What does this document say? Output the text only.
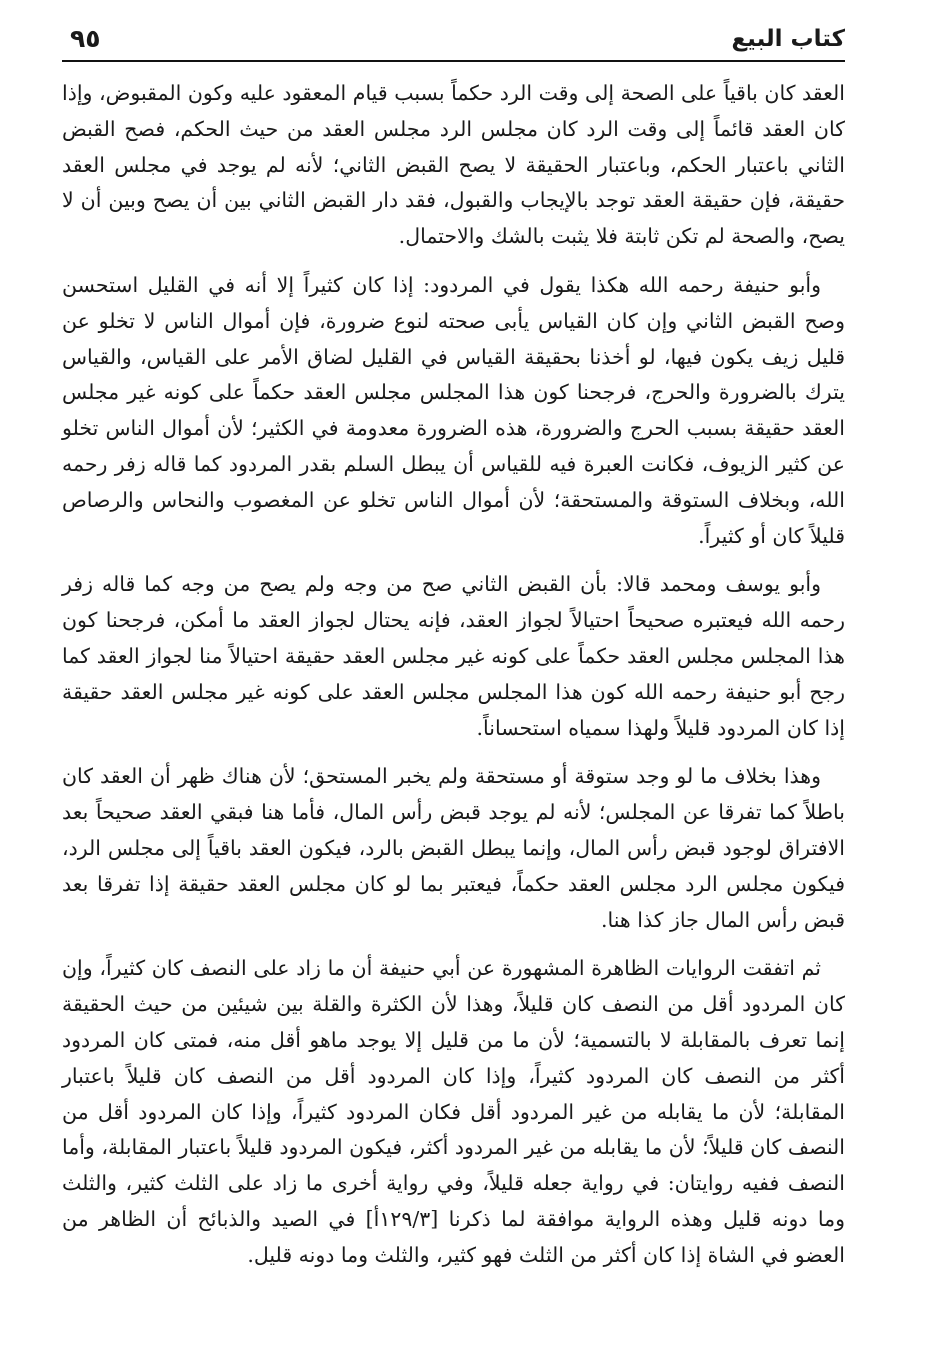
كتاب البيع
٩٥

العقد كان باقياً على الصحة إلى وقت الرد حكماً بسبب قيام المعقود عليه وكون المقبوض، وإذا كان العقد قائماً إلى وقت الرد كان مجلس الرد مجلس العقد من حيث الحكم، فصح القبض الثاني باعتبار الحكم، وباعتبار الحقيقة لا يصح القبض الثاني؛ لأنه لم يوجد في مجلس العقد حقيقة، فإن حقيقة العقد توجد بالإيجاب والقبول، فقد دار القبض الثاني بين أن يصح وبين أن لا يصح، والصحة لم تكن ثابتة فلا يثبت بالشك والاحتمال.

وأبو حنيفة رحمه الله هكذا يقول في المردود: إذا كان كثيراً إلا أنه في القليل استحسن وصح القبض الثاني وإن كان القياس يأبى صحته لنوع ضرورة، فإن أموال الناس لا تخلو عن قليل زيف يكون فيها، لو أخذنا بحقيقة القياس في القليل لضاق الأمر على القياس، والقياس يترك بالضرورة والحرج، فرجحنا كون هذا المجلس مجلس العقد حكماً على كونه غير مجلس العقد حقيقة بسبب الحرج والضرورة، هذه الضرورة معدومة في الكثير؛ لأن أموال الناس تخلو عن كثير الزيوف، فكانت العبرة فيه للقياس أن يبطل السلم بقدر المردود كما قاله زفر رحمه الله، وبخلاف الستوقة والمستحقة؛ لأن أموال الناس تخلو عن المغصوب والنحاس والرصاص قليلاً كان أو كثيراً.

وأبو يوسف ومحمد قالا: بأن القبض الثاني صح من وجه ولم يصح من وجه كما قاله زفر رحمه الله فيعتبره صحيحاً احتيالاً لجواز العقد، فإنه يحتال لجواز العقد ما أمكن، فرجحنا كون هذا المجلس مجلس العقد حكماً على كونه غير مجلس العقد حقيقة احتيالاً منا لجواز العقد كما رجح أبو حنيفة رحمه الله كون هذا المجلس مجلس العقد على كونه غير مجلس العقد حقيقة إذا كان المردود قليلاً ولهذا سمياه استحساناً.

وهذا بخلاف ما لو وجد ستوقة أو مستحقة ولم يخبر المستحق؛ لأن هناك ظهر أن العقد كان باطلاً كما تفرقا عن المجلس؛ لأنه لم يوجد قبض رأس المال، فأما هنا فبقي العقد صحيحاً بعد الافتراق لوجود قبض رأس المال، وإنما يبطل القبض بالرد، فيكون العقد باقياً إلى مجلس الرد، فيكون مجلس الرد مجلس العقد حكماً، فيعتبر بما لو كان مجلس العقد حقيقة إذا تفرقا بعد قبض رأس المال جاز كذا هنا.

ثم اتفقت الروايات الظاهرة المشهورة عن أبي حنيفة أن ما زاد على النصف كان كثيراً، وإن كان المردود أقل من النصف كان قليلاً، وهذا لأن الكثرة والقلة بين شيئين من حيث الحقيقة إنما تعرف بالمقابلة لا بالتسمية؛ لأن ما من قليل إلا يوجد ماهو أقل منه، فمتى كان المردود أكثر من النصف كان المردود كثيراً، وإذا كان المردود أقل من النصف كان قليلاً باعتبار المقابلة؛ لأن ما يقابله من غير المردود أقل فكان المردود كثيراً، وإذا كان المردود أقل من النصف كان قليلاً؛ لأن ما يقابله من غير المردود أكثر، فيكون المردود قليلاً باعتبار المقابلة، وأما النصف ففيه روايتان: في رواية جعله قليلاً، وفي رواية أخرى ما زاد على الثلث كثير، والثلث وما دونه قليل وهذه الرواية موافقة لما ذكرنا [١٢٩/٣أ] في الصيد والذبائح أن الظاهر من العضو في الشاة إذا كان أكثر من الثلث فهو كثير، والثلث وما دونه قليل.
